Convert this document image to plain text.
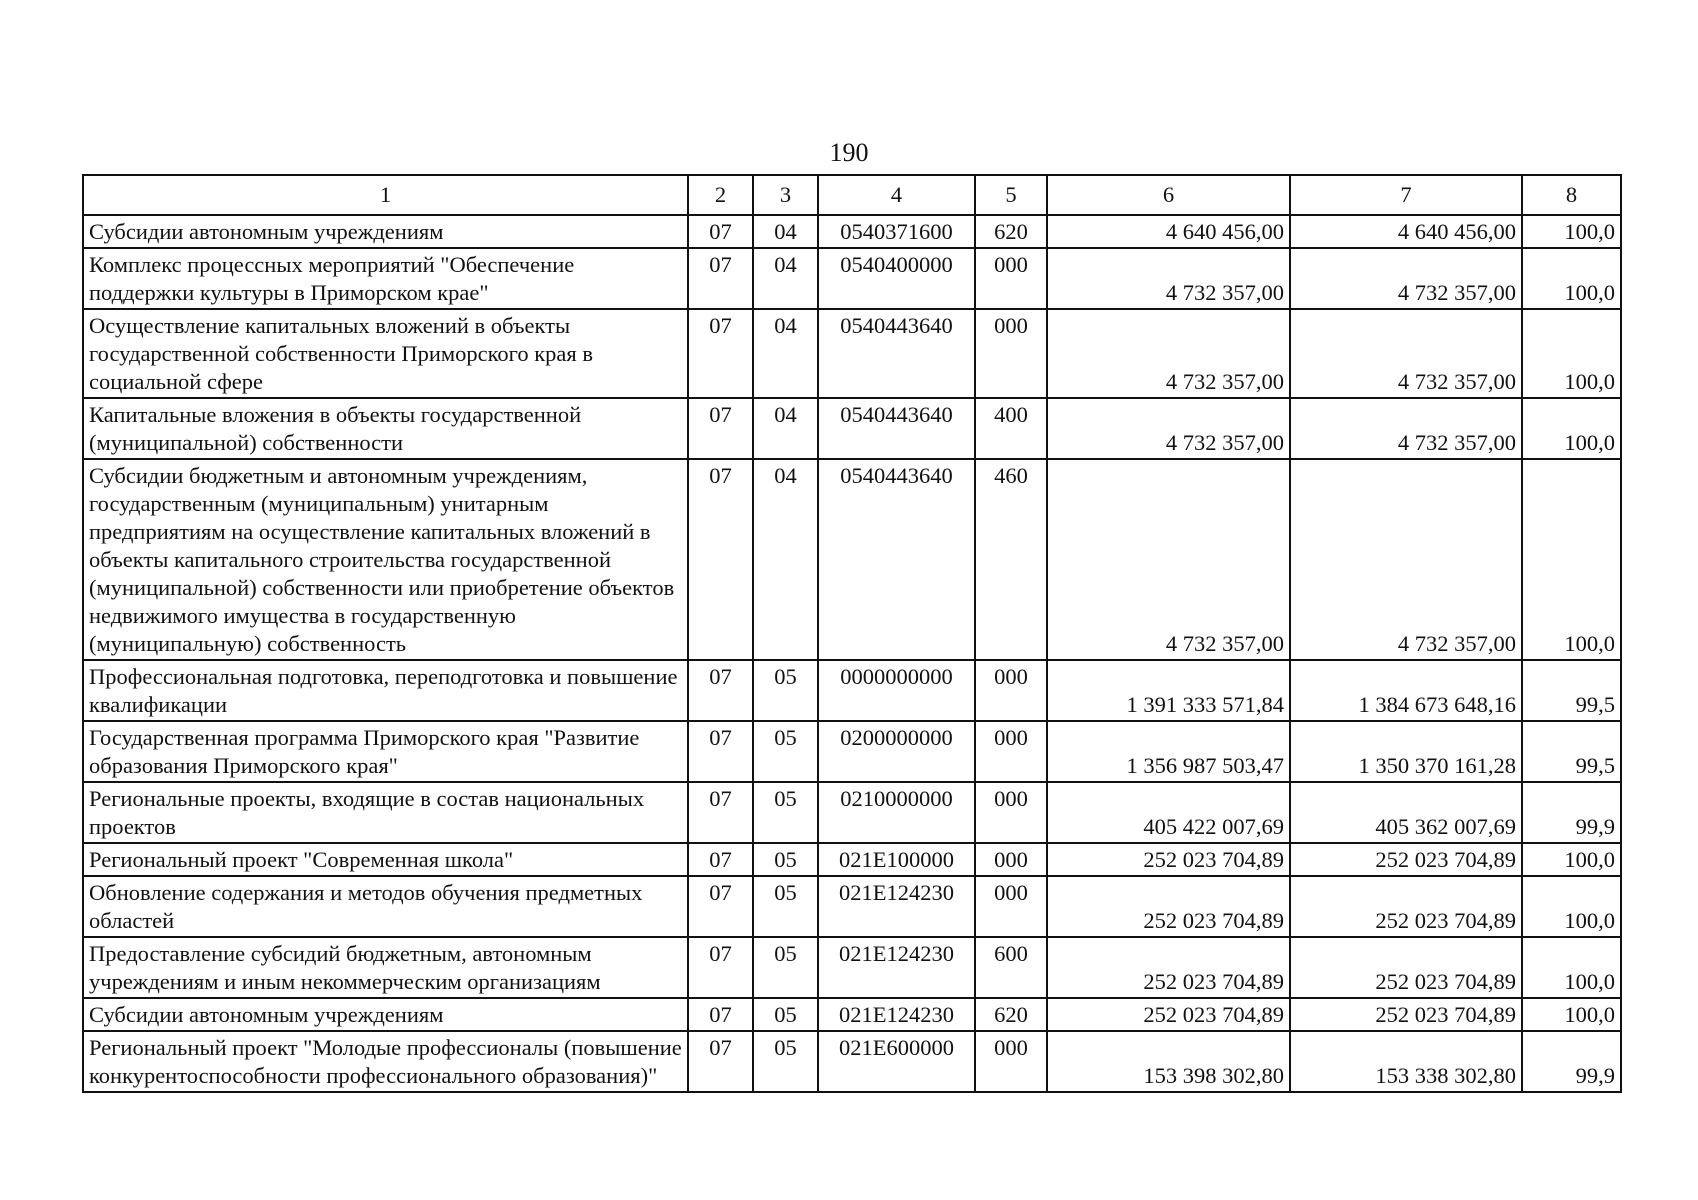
190
1	2	3	4	5	6	7	8
Субсидии автономным учреждениям	07	04	0540371600	620	4 640 456,00	4 640 456,00	100,0
Комплекс процессных мероприятий "Обеспечение поддержки культуры в Приморском крае"	07	04	0540400000	000	4 732 357,00	4 732 357,00	100,0
Осуществление капитальных вложений в объекты государственной собственности Приморского края в социальной сфере	07	04	0540443640	000	4 732 357,00	4 732 357,00	100,0
Капитальные вложения в объекты государственной (муниципальной) собственности	07	04	0540443640	400	4 732 357,00	4 732 357,00	100,0
Субсидии бюджетным и автономным учреждениям, государственным (муниципальным) унитарным предприятиям на осуществление капитальных вложений в объекты капитального строительства государственной (муниципальной) собственности или приобретение объектов недвижимого имущества в государственную (муниципальную) собственность	07	04	0540443640	460	4 732 357,00	4 732 357,00	100,0
Профессиональная подготовка, переподготовка и повышение квалификации	07	05	0000000000	000	1 391 333 571,84	1 384 673 648,16	99,5
Государственная программа Приморского края "Развитие образования Приморского края"	07	05	0200000000	000	1 356 987 503,47	1 350 370 161,28	99,5
Региональные проекты, входящие в состав национальных проектов	07	05	0210000000	000	405 422 007,69	405 362 007,69	99,9
Региональный проект "Современная школа"	07	05	021E100000	000	252 023 704,89	252 023 704,89	100,0
Обновление содержания и методов обучения предметных областей	07	05	021E124230	000	252 023 704,89	252 023 704,89	100,0
Предоставление субсидий бюджетным, автономным учреждениям и иным некоммерческим организациям	07	05	021E124230	600	252 023 704,89	252 023 704,89	100,0
Субсидии автономным учреждениям	07	05	021E124230	620	252 023 704,89	252 023 704,89	100,0
Региональный проект "Молодые профессионалы (повышение конкурентоспособности профессионального образования)"	07	05	021E600000	000	153 398 302,80	153 338 302,80	99,9
